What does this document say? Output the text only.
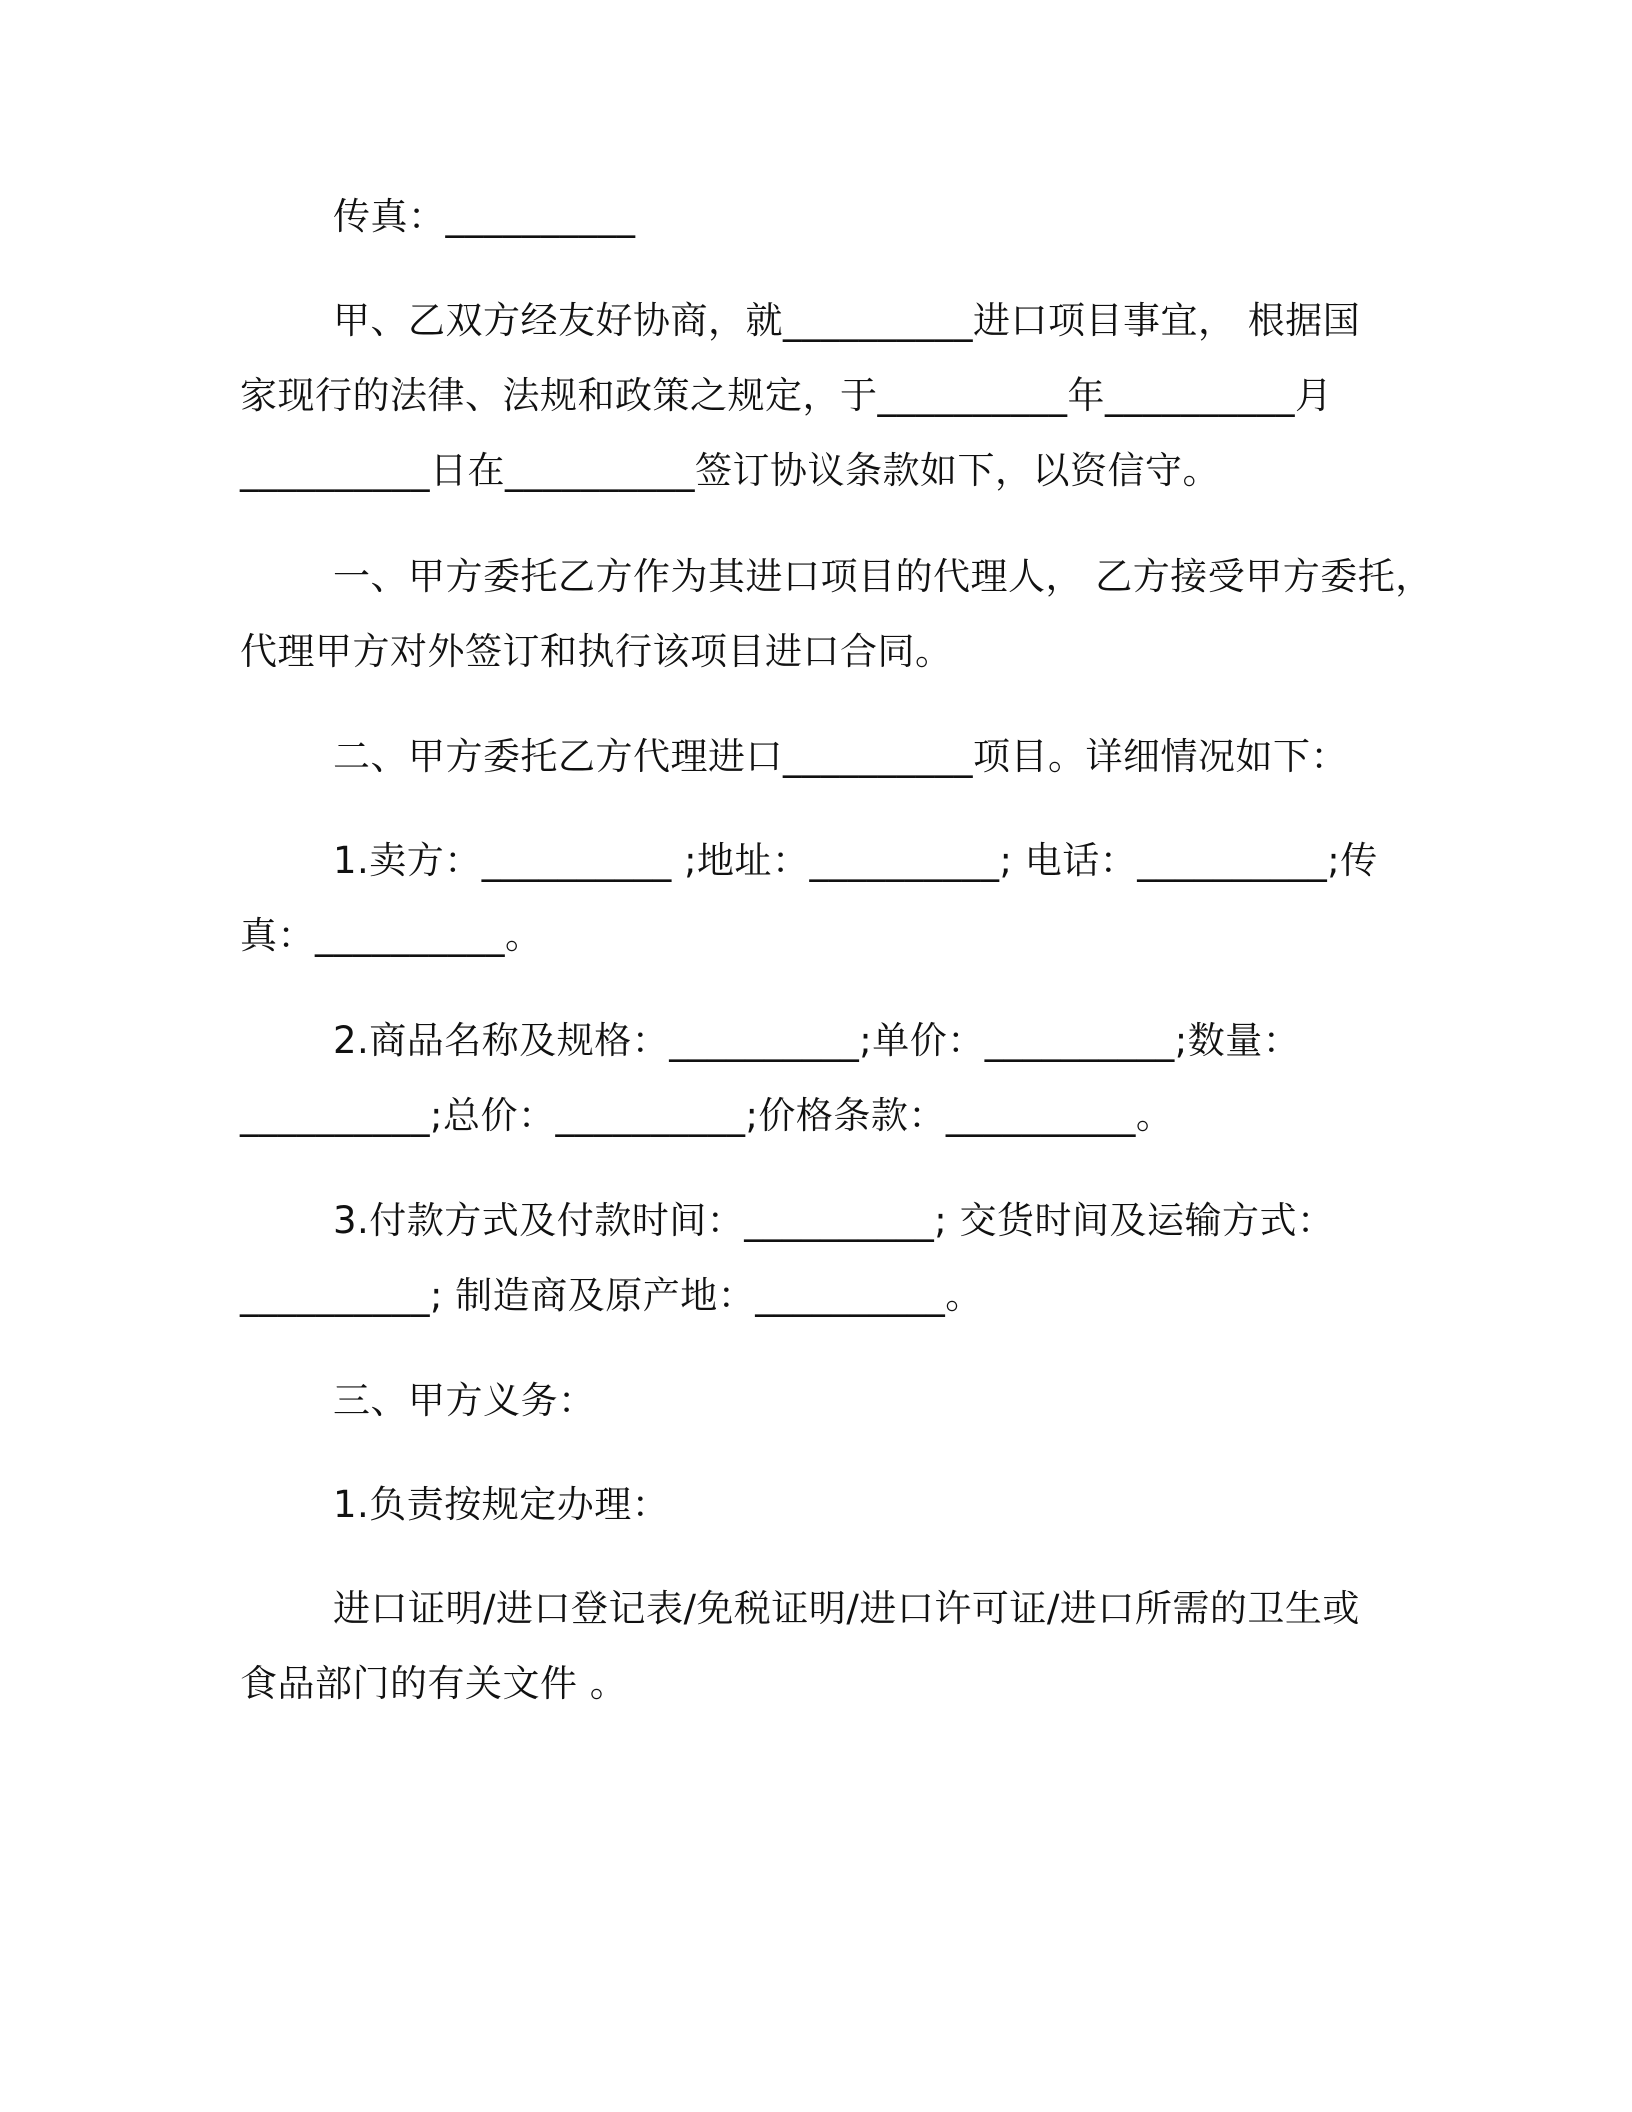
传真：__________
甲、乙双方经友好协商，就__________进口项目事宜， 根据国
家现行的法律、法规和政策之规定，于__________年__________月
__________日在__________签订协议条款如下，以资信守。
一、甲方委托乙方作为其进口项目的代理人， 乙方接受甲方委托，
代理甲方对外签订和执行该项目进口合同。
二、甲方委托乙方代理进口__________项目。详细情况如下：
1.卖方：__________ ;地址：__________; 电话：__________;传
真：__________。
2.商品名称及规格：__________;单价：__________;数量：
__________;总价：__________;价格条款：__________。
3.付款方式及付款时间：__________; 交货时间及运输方式：
__________; 制造商及原产地：__________。
三、甲方义务：
1.负责按规定办理：
进口证明/进口登记表/免税证明/进口许可证/进口所需的卫生或
食品部门的有关文件 。
